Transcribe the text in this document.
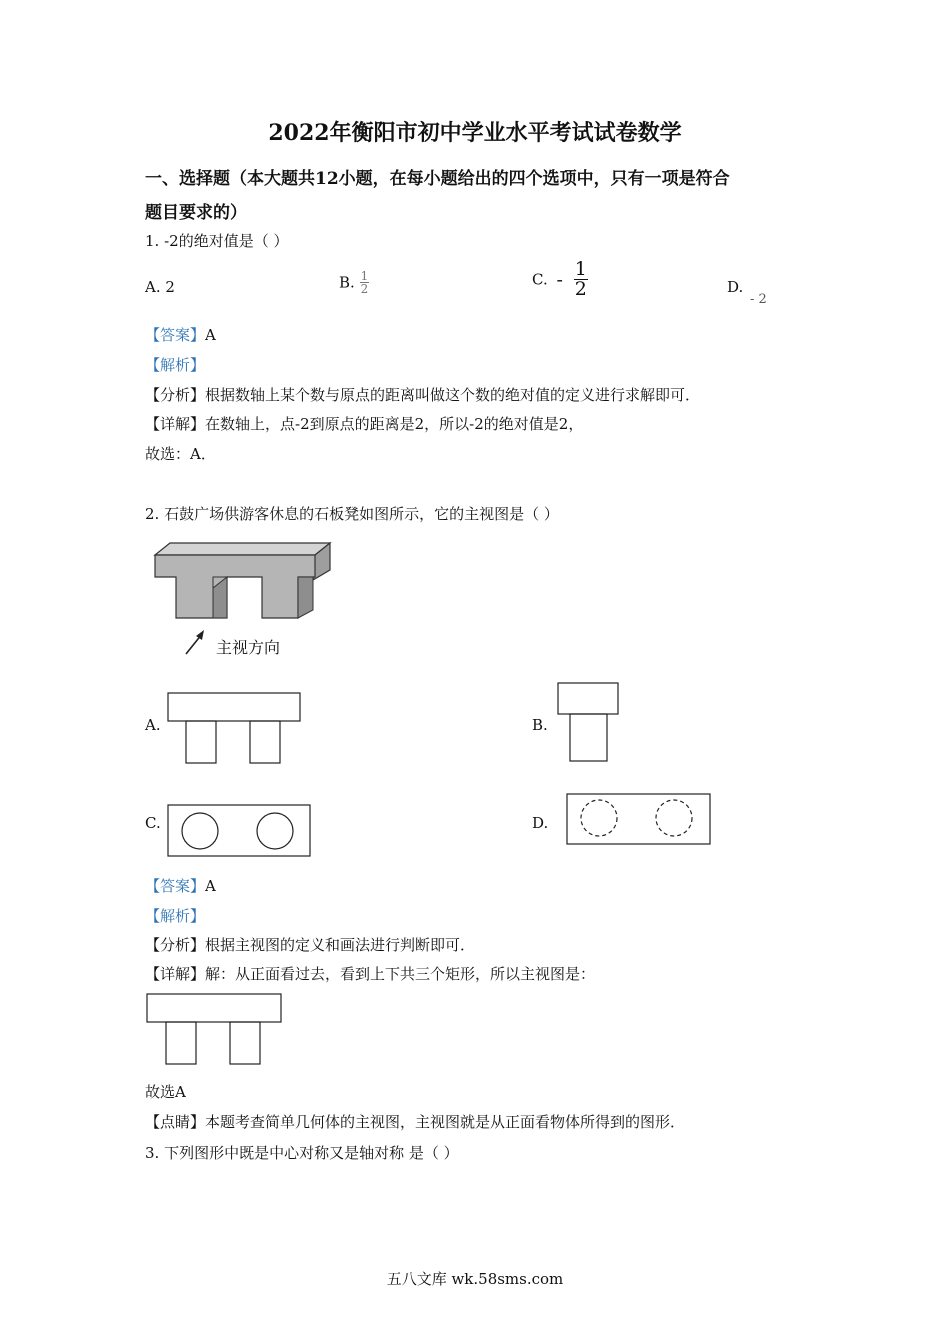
2022年衡阳市初中学业水平考试试卷数学
一、选择题（本大题共12小题，在每小题给出的四个选项中，只有一项是符合
题目要求的）
1. -2的绝对值是（ ）
A. 2	B. $\frac{1}{2}$	C. - $\frac{1}{2}$	D.
- 2
【答案】A
【解析】
【分析】根据数轴上某个数与原点的距离叫做这个数的绝对值的定义进行求解即可．
【详解】在数轴上，点-2到原点的距离是2，所以-2的绝对值是2，
故选：A．
2. 石鼓广场供游客休息的石板凳如图所示，它的主视图是（ ）
主视方向
A.	B.
C.	D.
【答案】A
【解析】
【分析】根据主视图的定义和画法进行判断即可．
【详解】解：从正面看过去，看到上下共三个矩形，所以主视图是：
故选A
【点睛】本题考查简单几何体的主视图，主视图就是从正面看物体所得到的图形．
3. 下列图形中既是中心对称又是轴对称 是（ ）
五八文库 wk.58sms.com
